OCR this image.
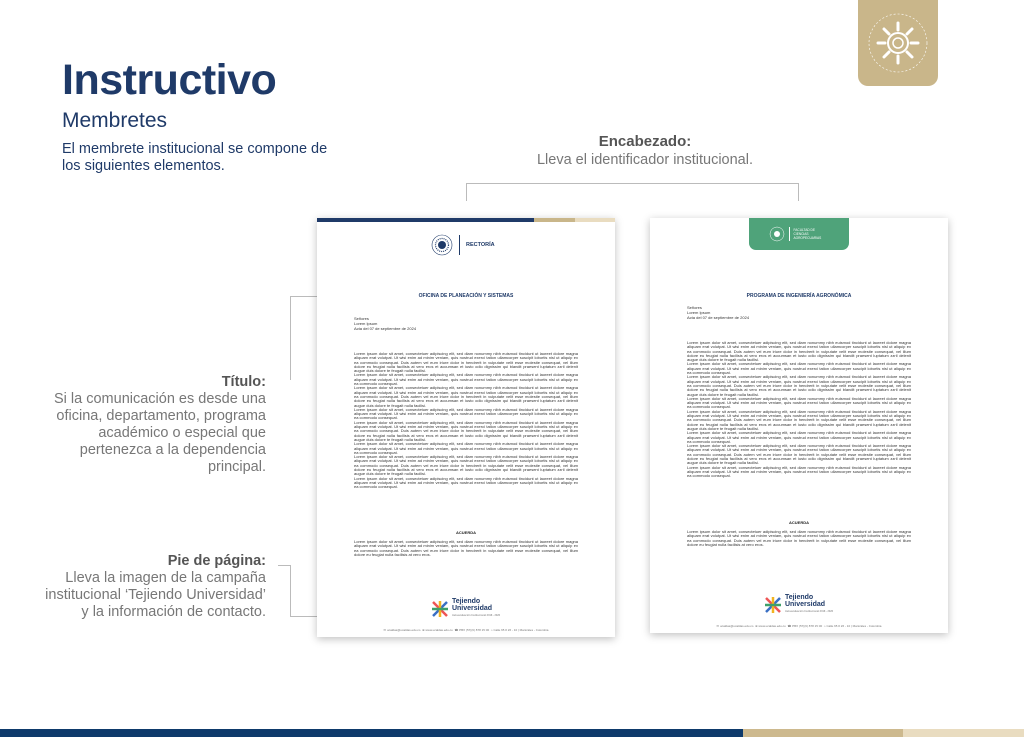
Instructivo
Membretes
El membrete institucional se compone de los siguientes elementos.
Encabezado:
Lleva el identificador institucional.
Título:
Si la comunicación es desde una oficina, departamento, programa académico o especial que pertenezca a la dependencia principal.
Pie de página:
Lleva la imagen de la campaña institucional ‘Tejiendo Universidad’ y la información de contacto.
RECTORÍA
OFICINA DE PLANEACIÓN Y SISTEMAS
Señores
Lorem Ipsum
Acta del 07 de septiembre de 2024

Lorem ipsum dolor sit amet, consectetuer adipiscing elit, sed diam nonummy nibh euismod tincidunt ut laoreet dolore magna aliquam erat volutpat. Ut wisi enim ad minim veniam, quis nostrud exerci tation ullamcorper suscipit lobortis nisl ut aliquip ex ea commodo consequat. Duis autem vel eum iriure dolor in hendrerit in vulputate velit esse molestie consequat, vel illum dolore eu feugiat nulla facilisis at vero eros et accumsan et iusto odio dignissim qui blandit praesent luptatum zzril delenit augue duis dolore te feugait nulla facilisi.

Lorem ipsum dolor sit amet, consectetuer adipiscing elit, sed diam nonummy nibh euismod tincidunt ut laoreet dolore magna aliquam erat volutpat. Ut wisi enim ad minim veniam, quis nostrud exerci tation ullamcorper suscipit lobortis nisl ut aliquip ex ea commodo consequat.

Lorem ipsum dolor sit amet, consectetuer adipiscing elit, sed diam nonummy nibh euismod tincidunt ut laoreet dolore magna aliquam erat volutpat. Ut wisi enim ad minim veniam, quis nostrud exerci tation ullamcorper suscipit lobortis nisl ut aliquip ex ea commodo consequat. Duis autem vel eum iriure dolor in hendrerit in vulputate velit esse molestie consequat, vel illum dolore eu feugiat nulla facilisis at vero eros et accumsan et iusto odio dignissim qui blandit praesent luptatum zzril delenit augue duis dolore te feugait nulla facilisi.

Lorem ipsum dolor sit amet, consectetuer adipiscing elit, sed diam nonummy nibh euismod tincidunt ut laoreet dolore magna aliquam erat volutpat. Ut wisi enim ad minim veniam, quis nostrud exerci tation ullamcorper suscipit lobortis nisl ut aliquip ex ea commodo consequat.

Lorem ipsum dolor sit amet, consectetuer adipiscing elit, sed diam nonummy nibh euismod tincidunt ut laoreet dolore magna aliquam erat volutpat. Ut wisi enim ad minim veniam, quis nostrud exerci tation ullamcorper suscipit lobortis nisl ut aliquip ex ea commodo consequat. Duis autem vel eum iriure dolor in hendrerit in vulputate velit esse molestie consequat, vel illum dolore eu feugiat nulla facilisis at vero eros et accumsan et iusto odio dignissim qui blandit praesent luptatum zzril delenit augue duis dolore te feugait nulla facilisi.

Lorem ipsum dolor sit amet, consectetuer adipiscing elit, sed diam nonummy nibh euismod tincidunt ut laoreet dolore magna aliquam erat volutpat. Ut wisi enim ad minim veniam, quis nostrud exerci tation ullamcorper suscipit lobortis nisl ut aliquip ex ea commodo consequat.

Lorem ipsum dolor sit amet, consectetuer adipiscing elit, sed diam nonummy nibh euismod tincidunt ut laoreet dolore magna aliquam erat volutpat. Ut wisi enim ad minim veniam, quis nostrud exerci tation ullamcorper suscipit lobortis nisl ut aliquip ex ea commodo consequat. Duis autem vel eum iriure dolor in hendrerit in vulputate velit esse molestie consequat, vel illum dolore eu feugiat nulla facilisis at vero eros et accumsan et iusto odio dignissim qui blandit praesent luptatum zzril delenit augue duis dolore te feugait nulla facilisi.

Lorem ipsum dolor sit amet, consectetuer adipiscing elit, sed diam nonummy nibh euismod tincidunt ut laoreet dolore magna aliquam erat volutpat. Ut wisi enim ad minim veniam, quis nostrud exerci tation ullamcorper suscipit lobortis nisl ut aliquip ex ea commodo consequat.

ACUERDA
Lorem ipsum dolor sit amet, consectetuer adipiscing elit, sed diam nonummy nibh euismod tincidunt ut laoreet dolore magna aliquam erat volutpat. Ut wisi enim ad minim veniam, quis nostrud exerci tation ullamcorper suscipit lobortis nisl ut aliquip ex ea commodo consequat. Duis autem vel eum iriure dolor in hendrerit in vulputate velit esse molestie consequat, vel illum dolore eu feugiat nulla facilisis at vero eros.
Tejiendo
Universidad
Autoevaluación Institucional 2018 - 2026
✉ ucaldas@ucaldas.edu.co  ⊕ www.ucaldas.edu.co  ☎ PBX (57)(6) 878 15 00  ⌂ Calle 65 # 26 - 10 | Manizales - Colombia
FACULTAD DE CIENCIAS AGROPECUARIAS
PROGRAMA DE INGENIERÍA AGRONÓMICA
Señores
Lorem Ipsum
Acta del 07 de septiembre de 2024

Lorem ipsum dolor sit amet, consectetuer adipiscing elit, sed diam nonummy nibh euismod tincidunt ut laoreet dolore magna aliquam erat volutpat. Ut wisi enim ad minim veniam, quis nostrud exerci tation ullamcorper suscipit lobortis nisl ut aliquip ex ea commodo consequat. Duis autem vel eum iriure dolor in hendrerit in vulputate velit esse molestie consequat, vel illum dolore eu feugiat nulla facilisis at vero eros et accumsan et iusto odio dignissim qui blandit praesent luptatum zzril delenit augue duis dolore te feugait nulla facilisi.

Lorem ipsum dolor sit amet, consectetuer adipiscing elit, sed diam nonummy nibh euismod tincidunt ut laoreet dolore magna aliquam erat volutpat. Ut wisi enim ad minim veniam, quis nostrud exerci tation ullamcorper suscipit lobortis nisl ut aliquip ex ea commodo consequat.

Lorem ipsum dolor sit amet, consectetuer adipiscing elit, sed diam nonummy nibh euismod tincidunt ut laoreet dolore magna aliquam erat volutpat. Ut wisi enim ad minim veniam, quis nostrud exerci tation ullamcorper suscipit lobortis nisl ut aliquip ex ea commodo consequat. Duis autem vel eum iriure dolor in hendrerit in vulputate velit esse molestie consequat, vel illum dolore eu feugiat nulla facilisis at vero eros et accumsan et iusto odio dignissim qui blandit praesent luptatum zzril delenit augue duis dolore te feugait nulla facilisi.

Lorem ipsum dolor sit amet, consectetuer adipiscing elit, sed diam nonummy nibh euismod tincidunt ut laoreet dolore magna aliquam erat volutpat. Ut wisi enim ad minim veniam, quis nostrud exerci tation ullamcorper suscipit lobortis nisl ut aliquip ex ea commodo consequat.

Lorem ipsum dolor sit amet, consectetuer adipiscing elit, sed diam nonummy nibh euismod tincidunt ut laoreet dolore magna aliquam erat volutpat. Ut wisi enim ad minim veniam, quis nostrud exerci tation ullamcorper suscipit lobortis nisl ut aliquip ex ea commodo consequat. Duis autem vel eum iriure dolor in hendrerit in vulputate velit esse molestie consequat, vel illum dolore eu feugiat nulla facilisis at vero eros et accumsan et iusto odio dignissim qui blandit praesent luptatum zzril delenit augue duis dolore te feugait nulla facilisi.

Lorem ipsum dolor sit amet, consectetuer adipiscing elit, sed diam nonummy nibh euismod tincidunt ut laoreet dolore magna aliquam erat volutpat. Ut wisi enim ad minim veniam, quis nostrud exerci tation ullamcorper suscipit lobortis nisl ut aliquip ex ea commodo consequat.

Lorem ipsum dolor sit amet, consectetuer adipiscing elit, sed diam nonummy nibh euismod tincidunt ut laoreet dolore magna aliquam erat volutpat. Ut wisi enim ad minim veniam, quis nostrud exerci tation ullamcorper suscipit lobortis nisl ut aliquip ex ea commodo consequat. Duis autem vel eum iriure dolor in hendrerit in vulputate velit esse molestie consequat, vel illum dolore eu feugiat nulla facilisis at vero eros et accumsan et iusto odio dignissim qui blandit praesent luptatum zzril delenit augue duis dolore te feugait nulla facilisi.

Lorem ipsum dolor sit amet, consectetuer adipiscing elit, sed diam nonummy nibh euismod tincidunt ut laoreet dolore magna aliquam erat volutpat. Ut wisi enim ad minim veniam, quis nostrud exerci tation ullamcorper suscipit lobortis nisl ut aliquip ex ea commodo consequat.

ACUERDA
Lorem ipsum dolor sit amet, consectetuer adipiscing elit, sed diam nonummy nibh euismod tincidunt ut laoreet dolore magna aliquam erat volutpat. Ut wisi enim ad minim veniam, quis nostrud exerci tation ullamcorper suscipit lobortis nisl ut aliquip ex ea commodo consequat. Duis autem vel eum iriure dolor in hendrerit in vulputate velit esse molestie consequat, vel illum dolore eu feugiat nulla facilisis at vero eros.
Tejiendo
Universidad
Autoevaluación Institucional 2018 - 2026
✉ ucaldas@ucaldas.edu.co  ⊕ www.ucaldas.edu.co  ☎ PBX (57)(6) 878 15 00  ⌂ Calle 65 # 26 - 10 | Manizales - Colombia
